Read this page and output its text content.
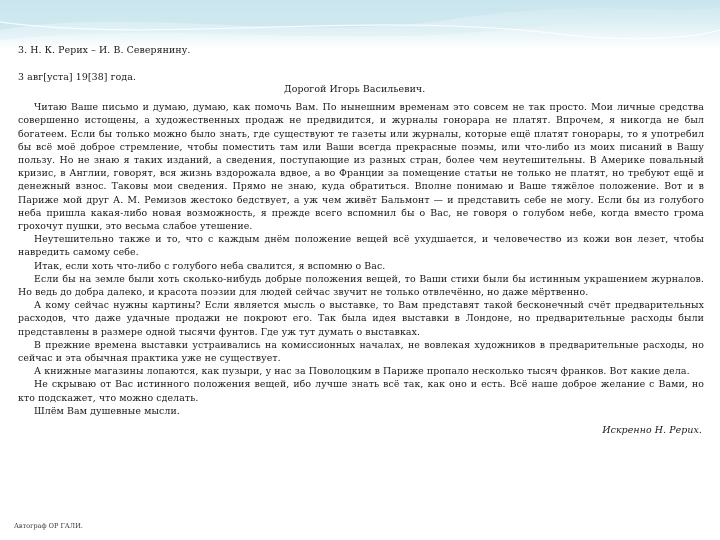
3. Н. К. Рерих – И. В. Северянину.

3 авг[уста] 19[38] года.

Дорогой Игорь Васильевич.

Читаю Ваше письмо и думаю, думаю, как помочь Вам. По нынешним временам это совсем не так просто. Мои личные средства совершенно истощены, а художественных продаж не предвидится, и журналы гонорара не платят. Впрочем, я никогда не был богатеем. Если бы только можно было знать, где существуют те газеты или журналы, которые ещё платят гонорары, то я употребил бы всё моё доброе стремление, чтобы поместить там или Ваши всегда прекрасные поэмы, или что-либо из моих писаний в Вашу пользу. Но не знаю я таких изданий, а сведения, поступающие из разных стран, более чем неутешительны. В Америке повальный кризис, в Англии, говорят, вся жизнь вздорожала вдвое, а во Франции за помещение статьи не только не платят, но требуют ещё и денежный взнос. Таковы мои сведения. Прямо не знаю, куда обратиться. Вполне понимаю и Ваше тяжёлое положение. Вот и в Париже мой друг А. М. Ремизов жестоко бедствует, а уж чем живёт Бальмонт — и представить себе не могу. Если бы из голубого неба пришла какая-либо новая возможность, я прежде всего вспомнил бы о Вас, не говоря о голубом небе, когда вместо грома грохочут пушки, это весьма слабое утешение.

Неутешительно также и то, что с каждым днём положение вещей всё ухудшается, и человечество из кожи вон лезет, чтобы навредить самому себе.

Итак, если хоть что-либо с голубого неба свалится, я вспомню о Вас.

Если бы на земле были хоть сколько-нибудь добрые положения вещей, то Ваши стихи были бы истинным украшением журналов. Но ведь до добра далеко, и красота поэзии для людей сейчас звучит не только отвлечённо, но даже мёртвенно.

А кому сейчас нужны картины? Если является мысль о выставке, то Вам представят такой бесконечный счёт предварительных расходов, что даже удачные продажи не покроют его. Так была идея выставки в Лондоне, но предварительные расходы были представлены в размере одной тысячи фунтов. Где уж тут думать о выставках.

В прежние времена выставки устраивались на комиссионных началах, не вовлекая художников в предварительные расходы, но сейчас и эта обычная практика уже не существует.

А книжные магазины лопаются, как пузыри, у нас за Поволоцким в Париже пропало несколько тысяч франков. Вот какие дела.

Не скрываю от Вас истинного положения вещей, ибо лучше знать всё так, как оно и есть. Всё наше доброе желание с Вами, но кто подскажет, что можно сделать.

Шлём Вам душевные мысли.

Искренно Н. Рерих.

Автограф ОР ГАЛИ.
